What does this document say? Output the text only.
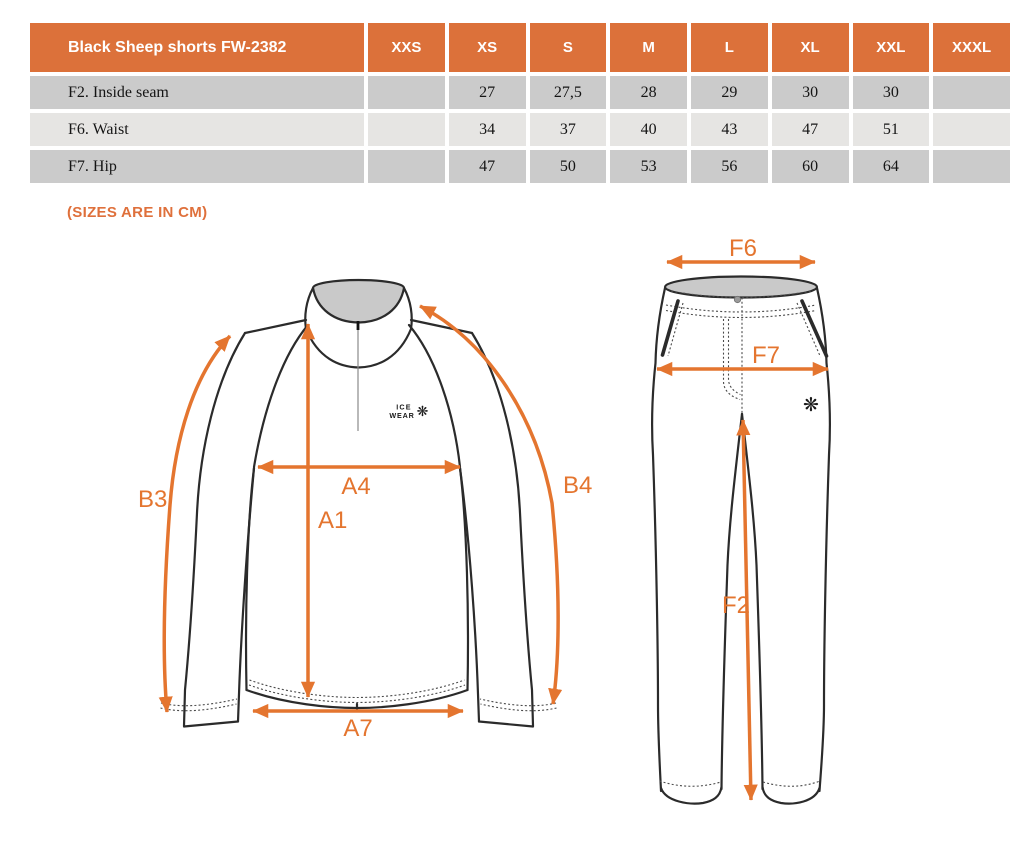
Black Sheep shorts FW-2382	XXS	XS	S	M	L	XL	XXL	XXXL
F2. Inside seam		27	27,5	28	29	30	30	
F6. Waist		34	37	40	43	47	51	
F7. Hip		47	50	53	56	60	64	
(SIZES ARE IN CM)
ICE
WEAR ❋
B3
B4
A4
A1
A7
❋
F6
F7
F2
